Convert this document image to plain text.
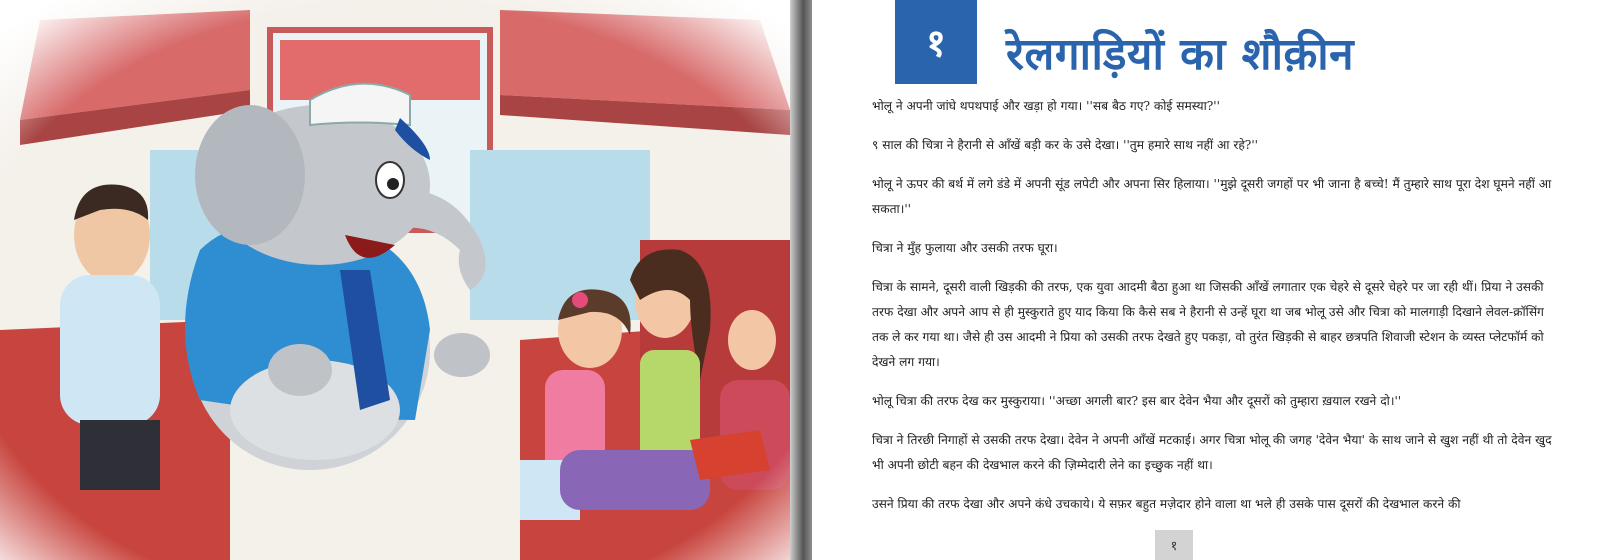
१ रेलगाड़ियों का शौक़ीन

भोलू ने अपनी जांघे थपथपाई और खड़ा हो गया। ''सब बैठ गए? कोई समस्या?''

९ साल की चित्रा ने हैरानी से आँखें बड़ी कर के उसे देखा। ''तुम हमारे साथ नहीं आ रहे?''

भोलू ने ऊपर की बर्थ में लगे डंडे में अपनी सूंड लपेटी और अपना सिर हिलाया। ''मुझे दूसरी जगहों पर भी जाना है बच्चे! मैं तुम्हारे साथ पूरा देश घूमने नहीं आ सकता।''

चित्रा ने मुँह फुलाया और उसकी तरफ घूरा।

चित्रा के सामने, दूसरी वाली खिड़की की तरफ, एक युवा आदमी बैठा हुआ था जिसकी आँखें लगातार एक चेहरे से दूसरे चेहरे पर जा रही थीं। प्रिया ने उसकी तरफ देखा और अपने आप से ही मुस्कुराते हुए याद किया कि कैसे सब ने हैरानी से उन्हें घूरा था जब भोलू उसे और चित्रा को मालगाड़ी दिखाने लेवल-क्रॉसिंग तक ले कर गया था। जैसे ही उस आदमी ने प्रिया को उसकी तरफ देखते हुए पकड़ा, वो तुरंत खिड़की से बाहर छत्रपति शिवाजी स्टेशन के व्यस्त प्लेटफॉर्म को देखने लग गया।

भोलू चित्रा की तरफ देख कर मुस्कुराया। ''अच्छा अगली बार? इस बार देवेन भैया और दूसरों को तुम्हारा ख़याल रखने दो।''

चित्रा ने तिरछी निगाहों से उसकी तरफ देखा। देवेन ने अपनी आँखें मटकाई। अगर चित्रा भोलू की जगह 'देवेन भैया' के साथ जाने से खुश नहीं थी तो देवेन खुद भी अपनी छोटी बहन की देखभाल करने की ज़िम्मेदारी लेने का इच्छुक नहीं था।

उसने प्रिया की तरफ देखा और अपने कंधे उचकाये। ये सफ़र बहुत मज़ेदार होने वाला था भले ही उसके पास दूसरों की देखभाल करने की

१
